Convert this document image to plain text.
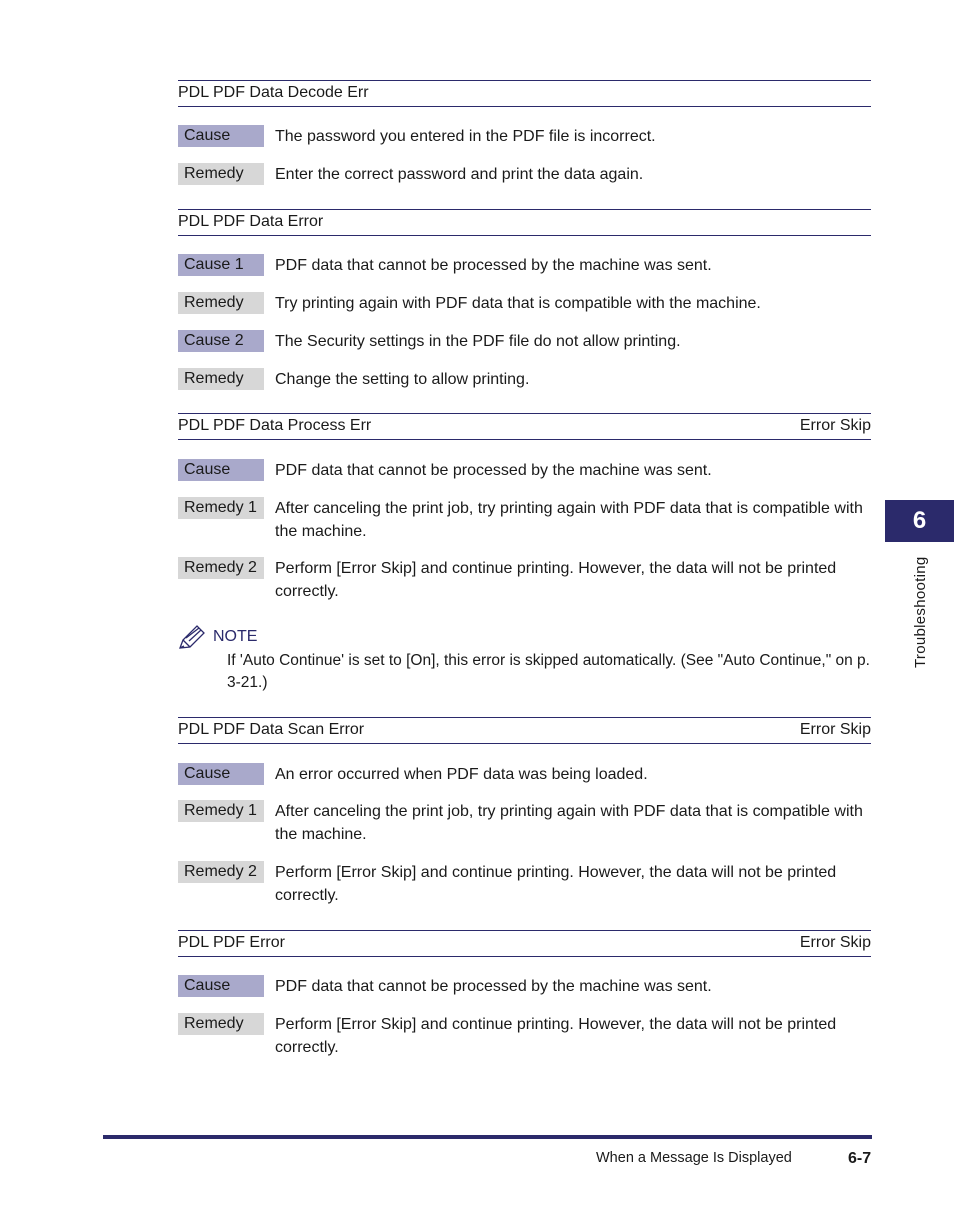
PDL PDF Data Decode Err
Cause	The password you entered in the PDF file is incorrect.
Remedy	Enter the correct password and print the data again.
PDL PDF Data Error
Cause 1	PDF data that cannot be processed by the machine was sent.
Remedy	Try printing again with PDF data that is compatible with the machine.
Cause 2	The Security settings in the PDF file do not allow printing.
Remedy	Change the setting to allow printing.
PDL PDF Data Process Err	Error Skip
Cause	PDF data that cannot be processed by the machine was sent.
Remedy 1	After canceling the print job, try printing again with PDF data that is compatible with the machine.
Remedy 2	Perform [Error Skip] and continue printing. However, the data will not be printed correctly.
NOTE
If 'Auto Continue' is set to [On], this error is skipped automatically. (See "Auto Continue," on p. 3-21.)
PDL PDF Data Scan Error	Error Skip
Cause	An error occurred when PDF data was being loaded.
Remedy 1	After canceling the print job, try printing again with PDF data that is compatible with the machine.
Remedy 2	Perform [Error Skip] and continue printing. However, the data will not be printed correctly.
PDL PDF Error	Error Skip
Cause	PDF data that cannot be processed by the machine was sent.
Remedy	Perform [Error Skip] and continue printing. However, the data will not be printed correctly.
6
Troubleshooting
When a Message Is Displayed	6-7
